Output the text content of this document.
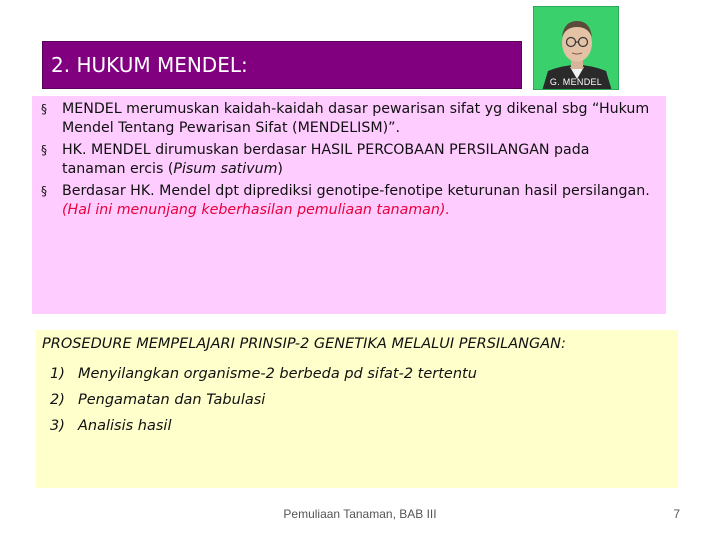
2. HUKUM MENDEL:
G. MENDEL
§ MENDEL merumuskan kaidah-kaidah dasar pewarisan sifat yg dikenal sbg “Hukum Mendel Tentang Pewarisan Sifat (MENDELISM)”.
§ HK. MENDEL dirumuskan berdasar HASIL PERCOBAAN PERSILANGAN pada tanaman ercis (Pisum sativum)
§ Berdasar HK. Mendel dpt diprediksi genotipe-fenotipe keturunan hasil persilangan. (Hal ini menunjang keberhasilan pemuliaan tanaman).
PROSEDURE MEMPELAJARI PRINSIP-2 GENETIKA MELALUI PERSILANGAN:
1) Menyilangkan organisme-2 berbeda pd sifat-2 tertentu
2) Pengamatan dan Tabulasi
3) Analisis hasil
Pemuliaan Tanaman, BAB III	7
